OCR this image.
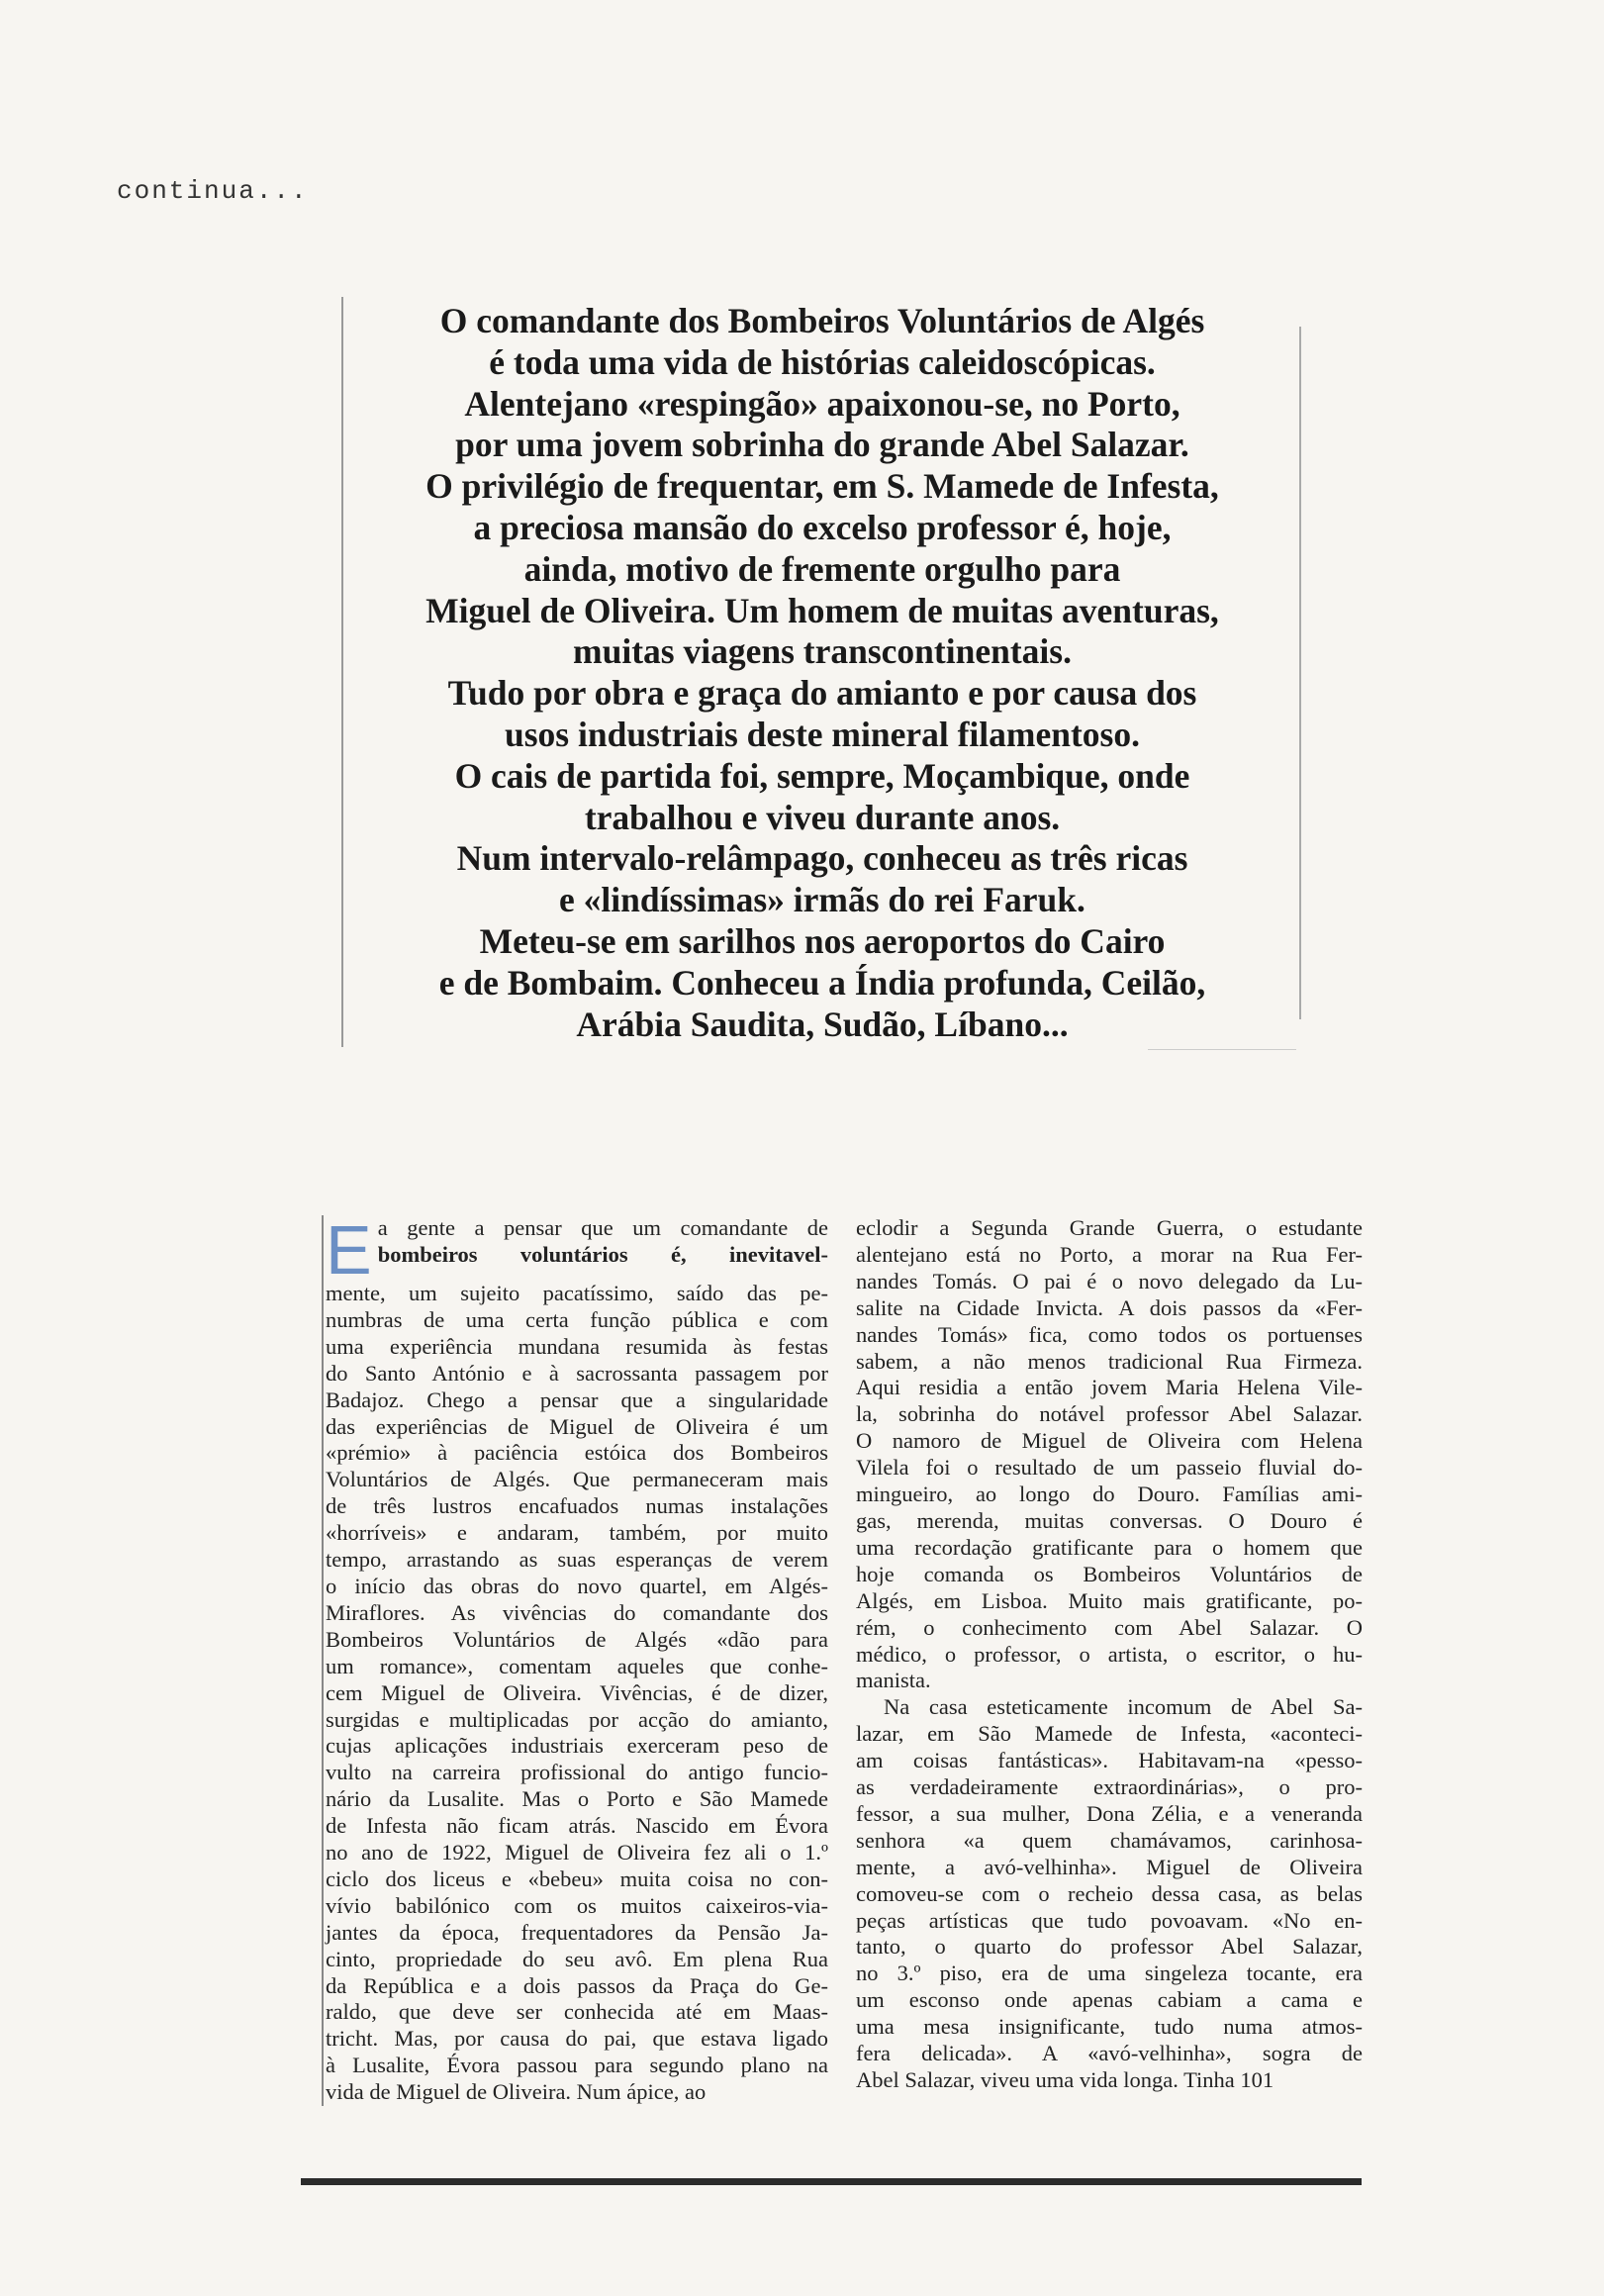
continua...
O comandante dos Bombeiros Voluntários de Algés
é toda uma vida de histórias caleidoscópicas.
Alentejano «respingão» apaixonou-se, no Porto,
por uma jovem sobrinha do grande Abel Salazar.
O privilégio de frequentar, em S. Mamede de Infesta,
a preciosa mansão do excelso professor é, hoje,
ainda, motivo de fremente orgulho para
Miguel de Oliveira. Um homem de muitas aventuras,
muitas viagens transcontinentais.
Tudo por obra e graça do amianto e por causa dos
usos industriais deste mineral filamentoso.
O cais de partida foi, sempre, Moçambique, onde
trabalhou e viveu durante anos.
Num intervalo-relâmpago, conheceu as três ricas
e «lindíssimas» irmãs do rei Faruk.
Meteu-se em sarilhos nos aeroportos do Cairo
e de Bombaim. Conheceu a Índia profunda, Ceilão,
Arábia Saudita, Sudão, Líbano...
E a gente a pensar que um comandante de
bombeiros voluntários é, inevitavel-
mente, um sujeito pacatíssimo, saído das pe-
numbras de uma certa função pública e com
uma experiência mundana resumida às festas
do Santo António e à sacrossanta passagem por
Badajoz. Chego a pensar que a singularidade
das experiências de Miguel de Oliveira é um
«prémio» à paciência estóica dos Bombeiros
Voluntários de Algés. Que permaneceram mais
de três lustros encafuados numas instalações
«horríveis» e andaram, também, por muito
tempo, arrastando as suas esperanças de verem
o início das obras do novo quartel, em Algés-
Miraflores. As vivências do comandante dos
Bombeiros Voluntários de Algés «dão para
um romance», comentam aqueles que conhe-
cem Miguel de Oliveira. Vivências, é de dizer,
surgidas e multiplicadas por acção do amianto,
cujas aplicações industriais exerceram peso de
vulto na carreira profissional do antigo funcio-
nário da Lusalite. Mas o Porto e São Mamede
de Infesta não ficam atrás. Nascido em Évora
no ano de 1922, Miguel de Oliveira fez ali o 1.º
ciclo dos liceus e «bebeu» muita coisa no con-
vívio babilónico com os muitos caixeiros-via-
jantes da época, frequentadores da Pensão Ja-
cinto, propriedade do seu avô. Em plena Rua
da República e a dois passos da Praça do Ge-
raldo, que deve ser conhecida até em Maas-
tricht. Mas, por causa do pai, que estava ligado
à Lusalite, Évora passou para segundo plano na
vida de Miguel de Oliveira. Num ápice, ao
eclodir a Segunda Grande Guerra, o estudante
alentejano está no Porto, a morar na Rua Fer-
nandes Tomás. O pai é o novo delegado da Lu-
salite na Cidade Invicta. A dois passos da «Fer-
nandes Tomás» fica, como todos os portuenses
sabem, a não menos tradicional Rua Firmeza.
Aqui residia a então jovem Maria Helena Vile-
la, sobrinha do notável professor Abel Salazar.
O namoro de Miguel de Oliveira com Helena
Vilela foi o resultado de um passeio fluvial do-
mingueiro, ao longo do Douro. Famílias ami-
gas, merenda, muitas conversas. O Douro é
uma recordação gratificante para o homem que
hoje comanda os Bombeiros Voluntários de
Algés, em Lisboa. Muito mais gratificante, po-
rém, o conhecimento com Abel Salazar. O
médico, o professor, o artista, o escritor, o hu-
manista.
Na casa esteticamente incomum de Abel Sa-
lazar, em São Mamede de Infesta, «aconteci-
am coisas fantásticas». Habitavam-na «pesso-
as verdadeiramente extraordinárias», o pro-
fessor, a sua mulher, Dona Zélia, e a veneranda
senhora «a quem chamávamos, carinhosa-
mente, a avó-velhinha». Miguel de Oliveira
comoveu-se com o recheio dessa casa, as belas
peças artísticas que tudo povoavam. «No en-
tanto, o quarto do professor Abel Salazar,
no 3.º piso, era de uma singeleza tocante, era
um esconso onde apenas cabiam a cama e
uma mesa insignificante, tudo numa atmos-
fera delicada». A «avó-velhinha», sogra de
Abel Salazar, viveu uma vida longa. Tinha 101
